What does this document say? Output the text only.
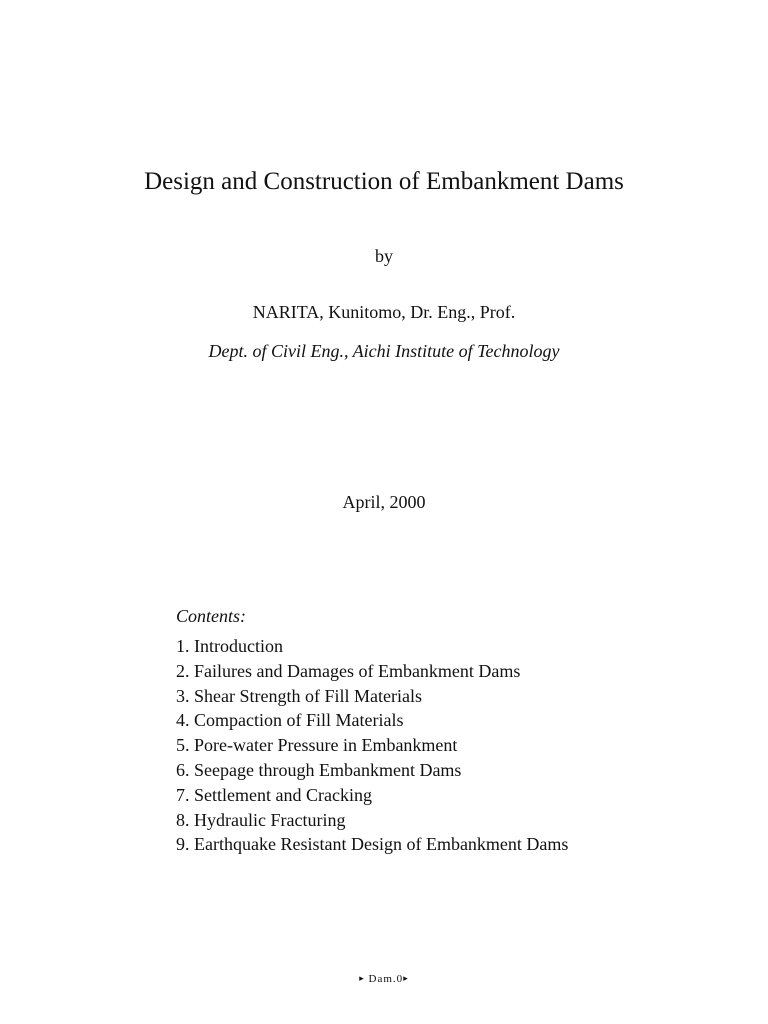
Design and Construction of Embankment Dams
by
NARITA, Kunitomo, Dr. Eng., Prof.
Dept. of Civil Eng., Aichi Institute of Technology
April, 2000
Contents:
1. Introduction
2. Failures and Damages of Embankment Dams
3. Shear Strength of Fill Materials
4. Compaction of Fill Materials
5. Pore-water Pressure in Embankment
6. Seepage through Embankment Dams
7. Settlement and Cracking
8. Hydraulic Fracturing
9. Earthquake Resistant Design of Embankment Dams
▸ Dam.0▸
